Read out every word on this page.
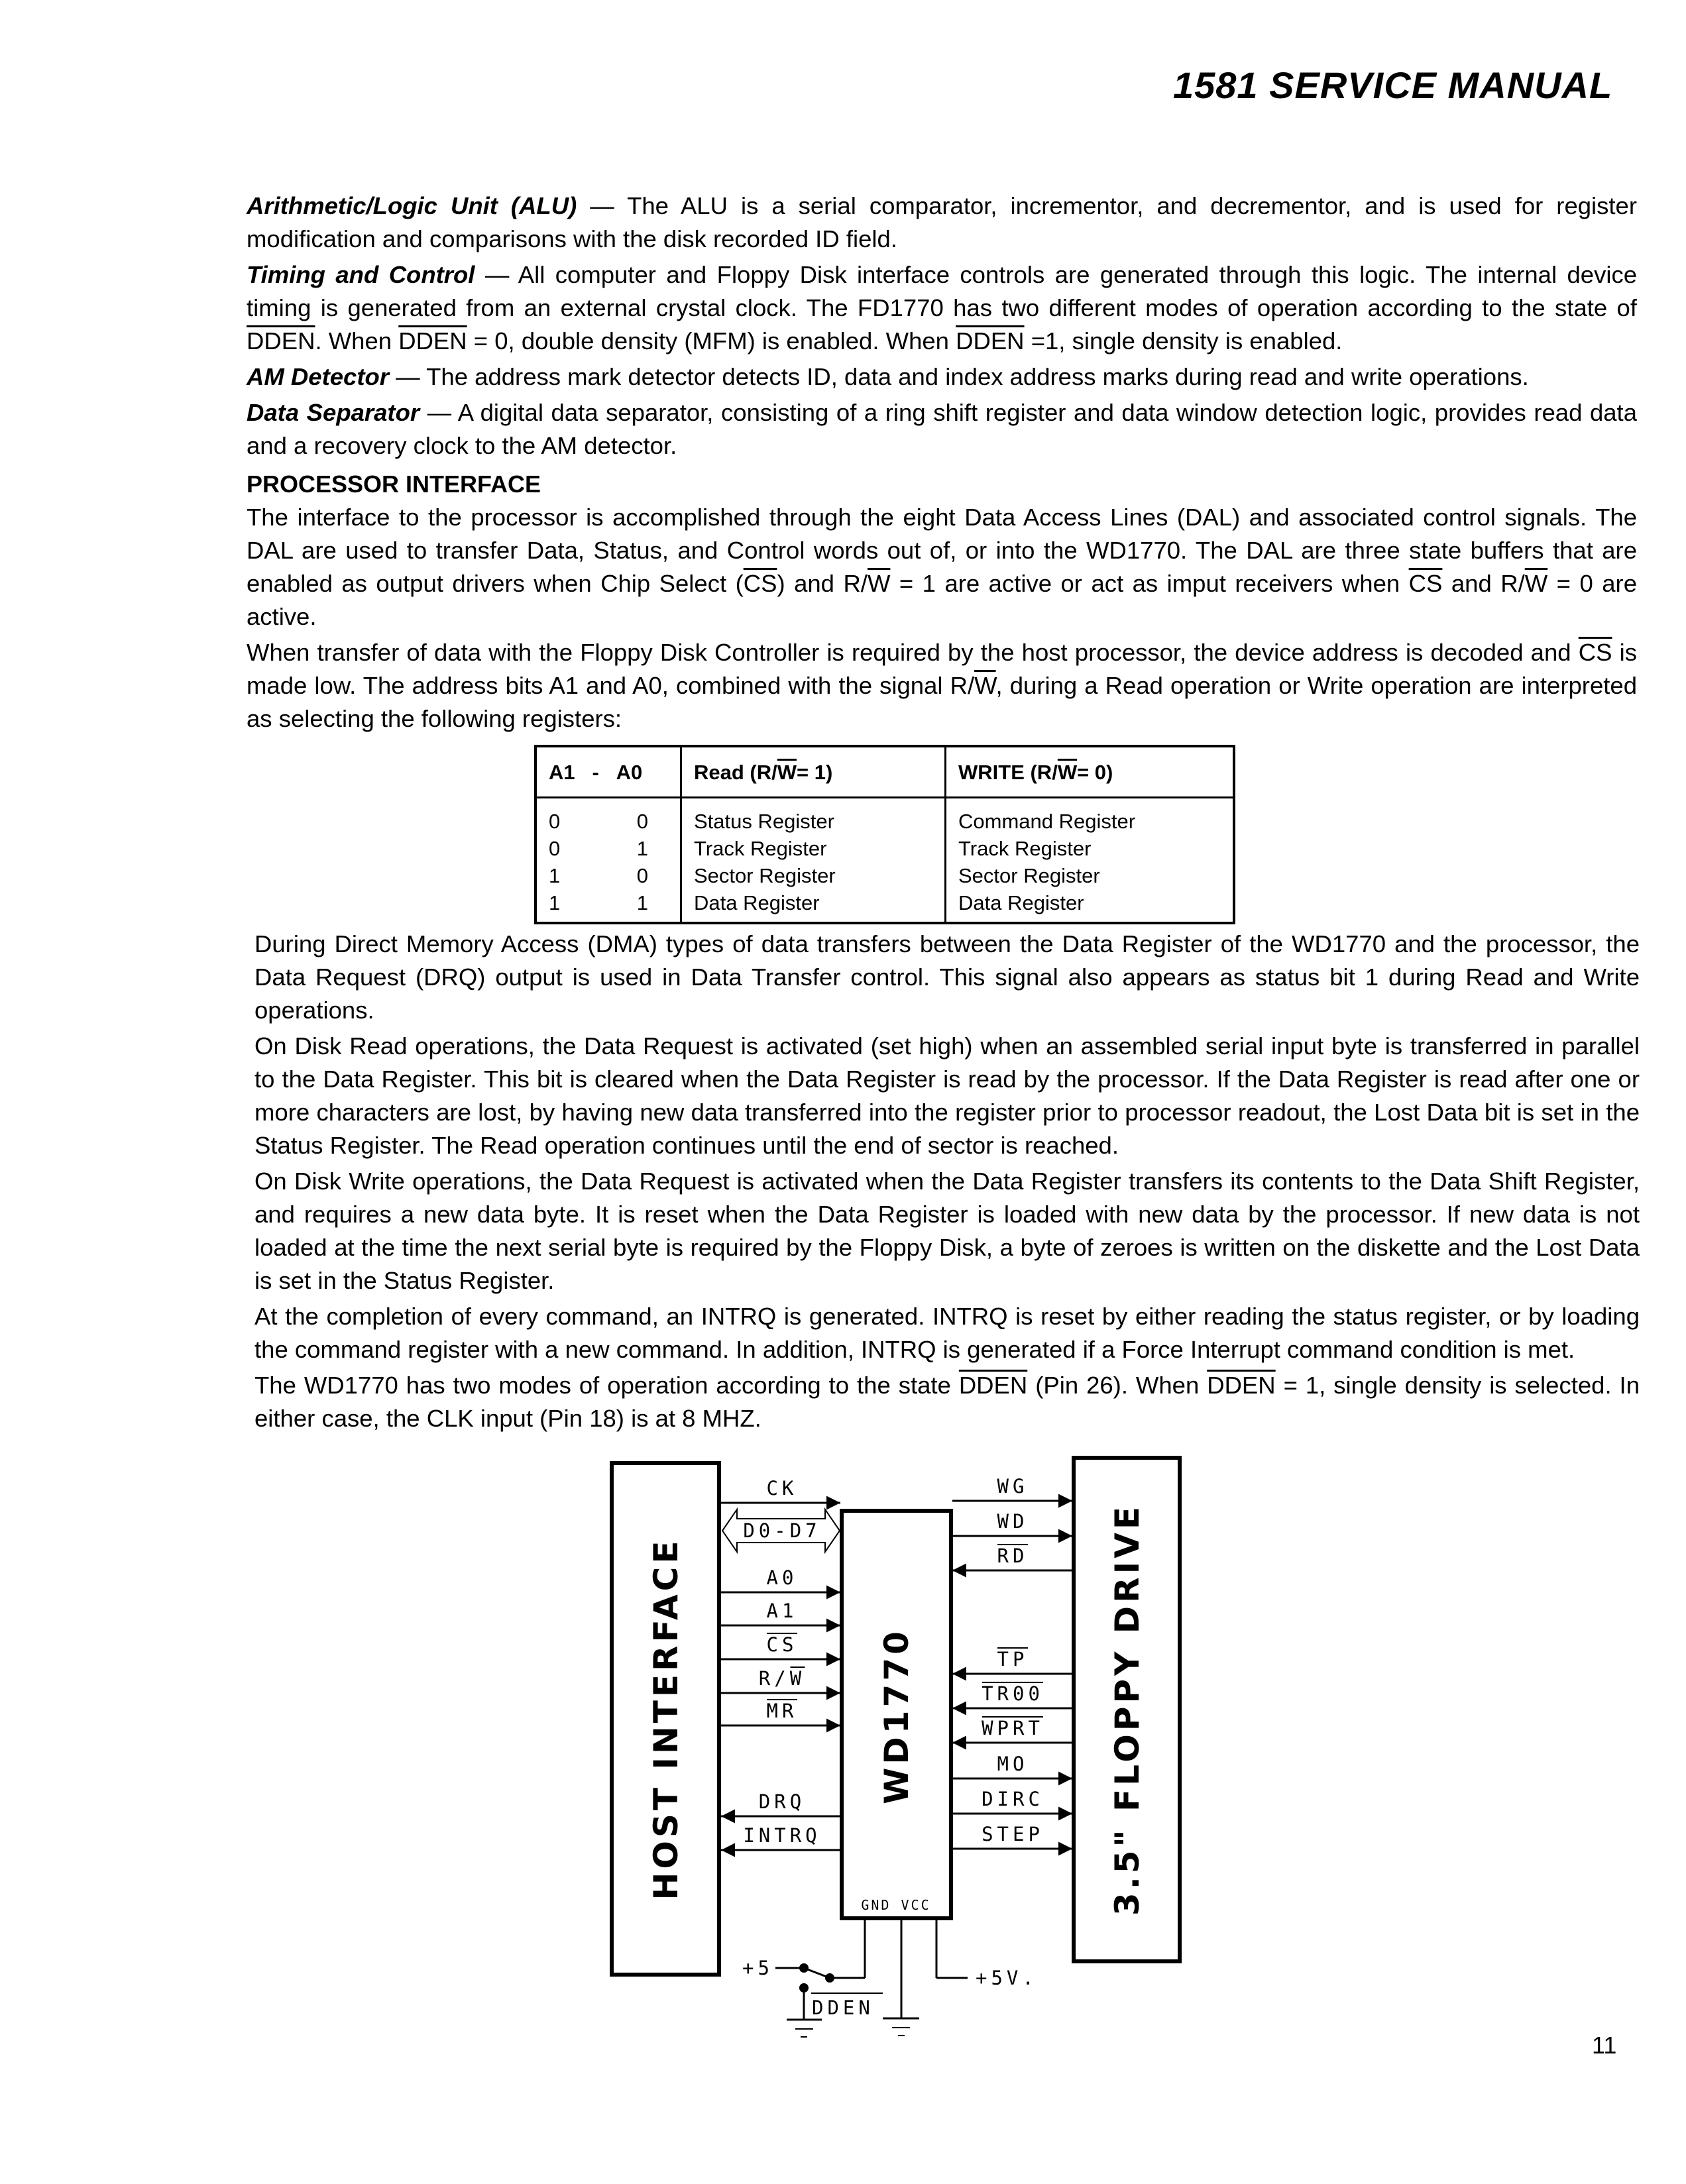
1581 SERVICE MANUAL

Arithmetic/Logic Unit (ALU) — The ALU is a serial comparator, incrementor, and decrementor, and is used for register modification and comparisons with the disk recorded ID field.

Timing and Control — All computer and Floppy Disk interface controls are generated through this logic. The internal device timing is generated from an external crystal clock. The FD1770 has two different modes of operation according to the state of DDEN. When DDEN = 0, double density (MFM) is enabled. When DDEN =1, single density is enabled.

AM Detector — The address mark detector detects ID, data and index address marks during read and write operations.

Data Separator — A digital data separator, consisting of a ring shift register and data window detection logic, provides read data and a recovery clock to the AM detector.

PROCESSOR INTERFACE

The interface to the processor is accomplished through the eight Data Access Lines (DAL) and associated control signals. The DAL are used to transfer Data, Status, and Control words out of, or into the WD1770. The DAL are three state buffers that are enabled as output drivers when Chip Select $(\overline{CS})$ and $R/\overline{W} = 1$ are active or act as imput receivers when $\overline{CS}$ and $R/\overline{W} = 0$ are active.

When transfer of data with the Floppy Disk Controller is required by the host processor, the device address is decoded and $\overline{CS}$ is made low. The address bits A1 and A0, combined with the signal $R/\overline{W}$, during a Read operation or Write operation are interpreted as selecting the following registers:

A1 - A0	Read $(R/\overline{W}= 1)$	WRITE $(R/\overline{W}= 0)$
0 0	Status Register	Command Register
0 1	Track Register	Track Register
1 0	Sector Register	Sector Register
1 1	Data Register	Data Register

During Direct Memory Access (DMA) types of data transfers between the Data Register of the WD1770 and the processor, the Data Request (DRQ) output is used in Data Transfer control. This signal also appears as status bit 1 during Read and Write operations.

On Disk Read operations, the Data Request is activated (set high) when an assembled serial input byte is transferred in parallel to the Data Register. This bit is cleared when the Data Register is read by the processor. If the Data Register is read after one or more characters are lost, by having new data transferred into the register prior to processor readout, the Lost Data bit is set in the Status Register. The Read operation continues until the end of sector is reached.

On Disk Write operations, the Data Request is activated when the Data Register transfers its contents to the Data Shift Register, and requires a new data byte. It is reset when the Data Register is loaded with new data by the processor. If new data is not loaded at the time the next serial byte is required by the Floppy Disk, a byte of zeroes is written on the diskette and the Lost Data is set in the Status Register.

At the completion of every command, an INTRQ is generated. INTRQ is reset by either reading the status register, or by loading the command register with a new command. In addition, INTRQ is generated if a Force Interrupt command condition is met.

The WD1770 has two modes of operation according to the state DDEN (Pin 26). When DDEN = 1, single density is selected. In either case, the CLK input (Pin 18) is at 8 MHZ.

HOST INTERFACE	WD1770
GND VCC	3.5" FLOPPY DRIVE
CK
D0-D7
A0
A1
CS
R/W
MR
DRQ
INTRQ
WG
WD
RD
TP
TR00
WPRT
MO
DIRC
STEP
+5
DDEN
+5V.
11
